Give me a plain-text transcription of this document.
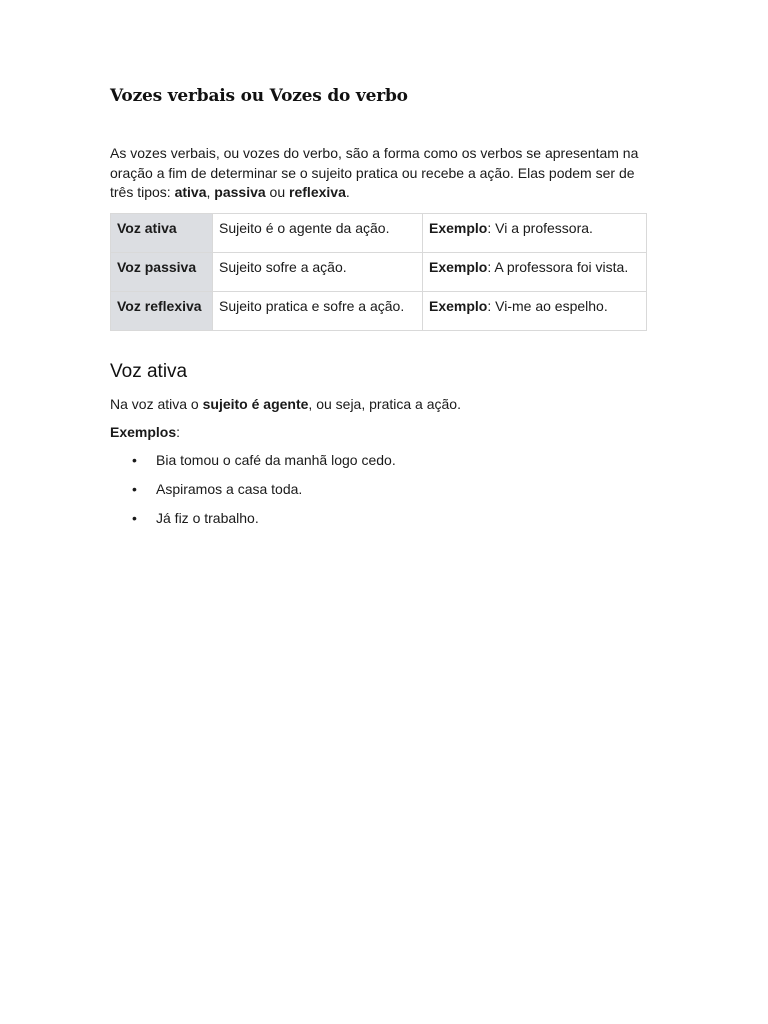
Vozes verbais ou Vozes do verbo

As vozes verbais, ou vozes do verbo, são a forma como os verbos se apresentam na oração a fim de determinar se o sujeito pratica ou recebe a ação. Elas podem ser de três tipos: ativa, passiva ou reflexiva.

Voz ativa	Sujeito é o agente da ação.	Exemplo: Vi a professora.
Voz passiva	Sujeito sofre a ação.	Exemplo: A professora foi vista.
Voz reflexiva	Sujeito pratica e sofre a ação.	Exemplo: Vi-me ao espelho.
Voz ativa

Na voz ativa o sujeito é agente, ou seja, pratica a ação.

Exemplos:

• Bia tomou o café da manhã logo cedo.
• Aspiramos a casa toda.
• Já fiz o trabalho.
